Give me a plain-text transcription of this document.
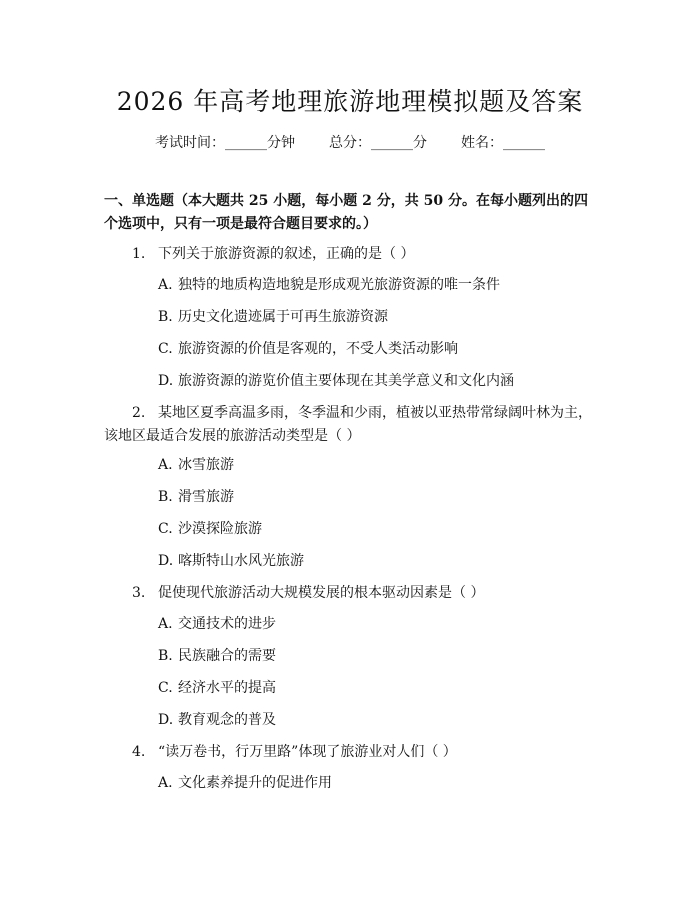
2026 年高考地理旅游地理模拟题及答案
考试时间：______分钟 总分：______分 姓名：______
一、单选题（本大题共 25 小题，每小题 2 分，共 50 分。在每小题列出的四个选项中，只有一项是最符合题目要求的。）
1. 下列关于旅游资源的叙述，正确的是（ ）
A. 独特的地质构造地貌是形成观光旅游资源的唯一条件
B. 历史文化遗迹属于可再生旅游资源
C. 旅游资源的价值是客观的，不受人类活动影响
D. 旅游资源的游览价值主要体现在其美学意义和文化内涵
2. 某地区夏季高温多雨，冬季温和少雨，植被以亚热带常绿阔叶林为主，该地区最适合发展的旅游活动类型是（ ）
A. 冰雪旅游
B. 滑雪旅游
C. 沙漠探险旅游
D. 喀斯特山水风光旅游
3. 促使现代旅游活动大规模发展的根本驱动因素是（ ）
A. 交通技术的进步
B. 民族融合的需要
C. 经济水平的提高
D. 教育观念的普及
4. “读万卷书，行万里路”体现了旅游业对人们（ ）
A. 文化素养提升的促进作用
